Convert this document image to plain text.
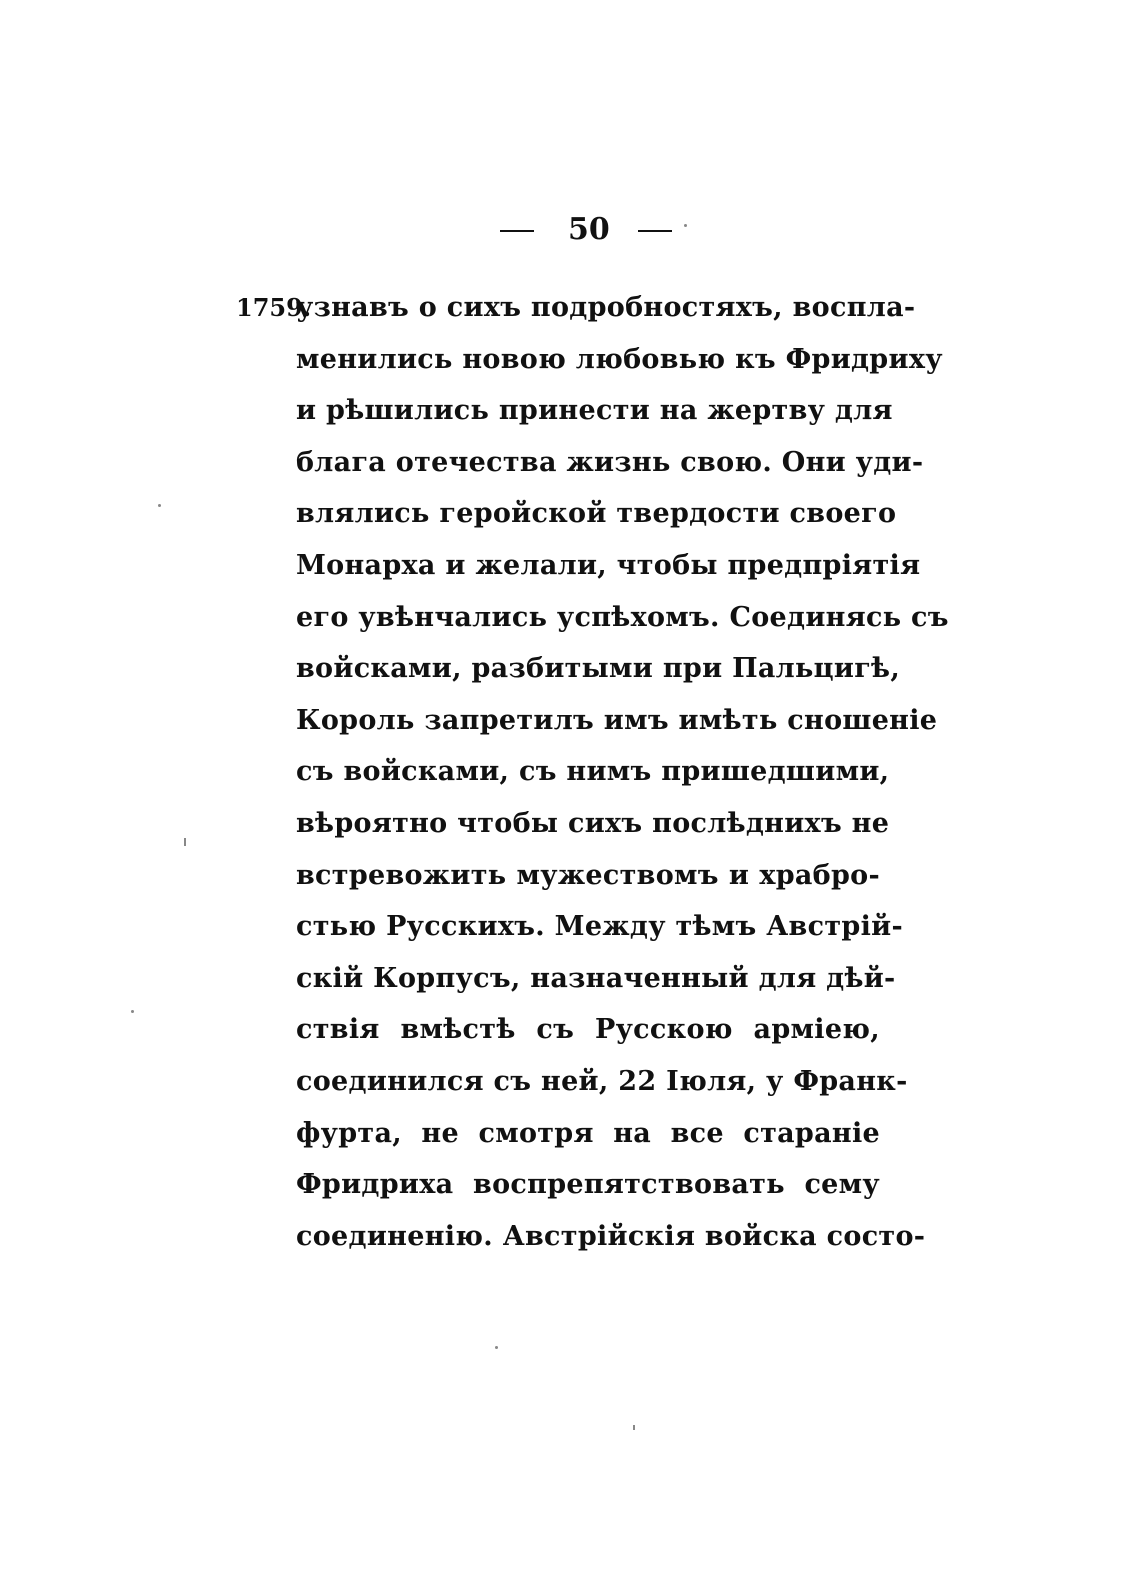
50
1759.
узнавъ о сихъ подробностяхъ, воспла-
менились новою любовью къ Фридриху
и рѣшились принести на жертву для
блага отечества жизнь свою. Они уди-
влялись геройской твердости своего
Монарха и желали, чтобы предпріятія
его увѣнчались успѣхомъ. Соединясь съ
войсками, разбитыми при Пальцигѣ,
Король запретилъ имъ имѣть сношеніе
съ войсками, съ нимъ пришедшими,
вѣроятно чтобы сихъ послѣднихъ не
встревожить мужествомъ и храбро-
стью Русскихъ. Между тѣмъ Австрій-
скій Корпусъ, назначенный для дѣй-
ствія вмѣстѣ съ Русскою арміею,
соединился съ ней, 22 Іюля, у Франк-
фурта, не смотря на все стараніе
Фридриха воспрепятствовать сему
соединенію. Австрійскія войска состо-
